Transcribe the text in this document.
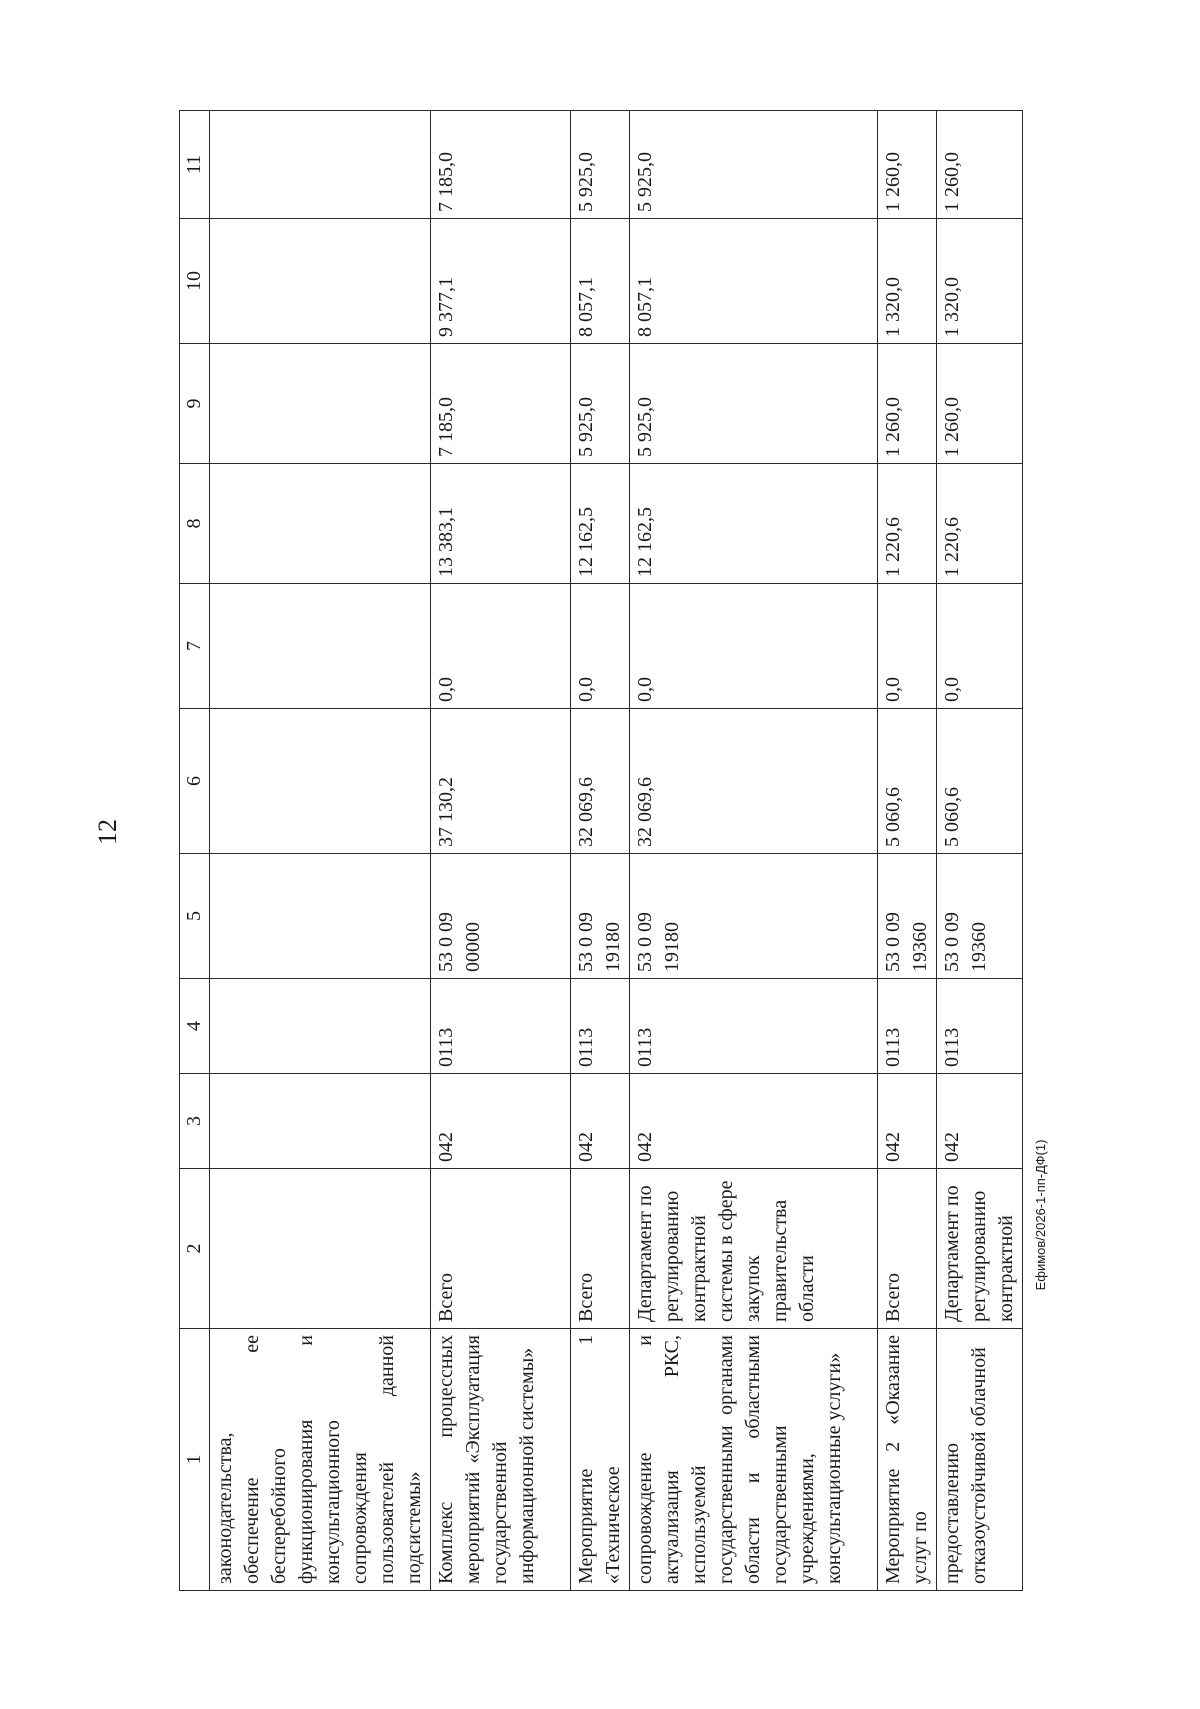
12
1	2	3	4	5	6	7	8	9	10	11
законодательства, обеспечение ее бесперебойного функционирования и консультационного сопровождения пользователей данной подсистемы»										
Комплекс процессных мероприятий «Эксплуатация государственной информационной системы»	Всего	042	0113	53 0 09 00000	37 130,2	0,0	13 383,1	7 185,0	9 377,1	7 185,0
Мероприятие 1 «Техническое	Всего	042	0113	53 0 09 19180	32 069,6	0,0	12 162,5	5 925,0	8 057,1	5 925,0
сопровождение и актуализация РКС, используемой государственными органами области и областными государственными учреждениями, консультационные услуги»	Департамент по регулированию контрактной системы в сфере закупок правительства области	042	0113	53 0 09 19180	32 069,6	0,0	12 162,5	5 925,0	8 057,1	5 925,0
Мероприятие 2 «Оказание услуг по	Всего	042	0113	53 0 09 19360	5 060,6	0,0	1 220,6	1 260,0	1 320,0	1 260,0
предоставлению отказоустойчивой облачной	Департамент по регулированию контрактной	042	0113	53 0 09 19360	5 060,6	0,0	1 220,6	1 260,0	1 320,0	1 260,0
Ефимов/2026-1-пп-ДФ(1)
